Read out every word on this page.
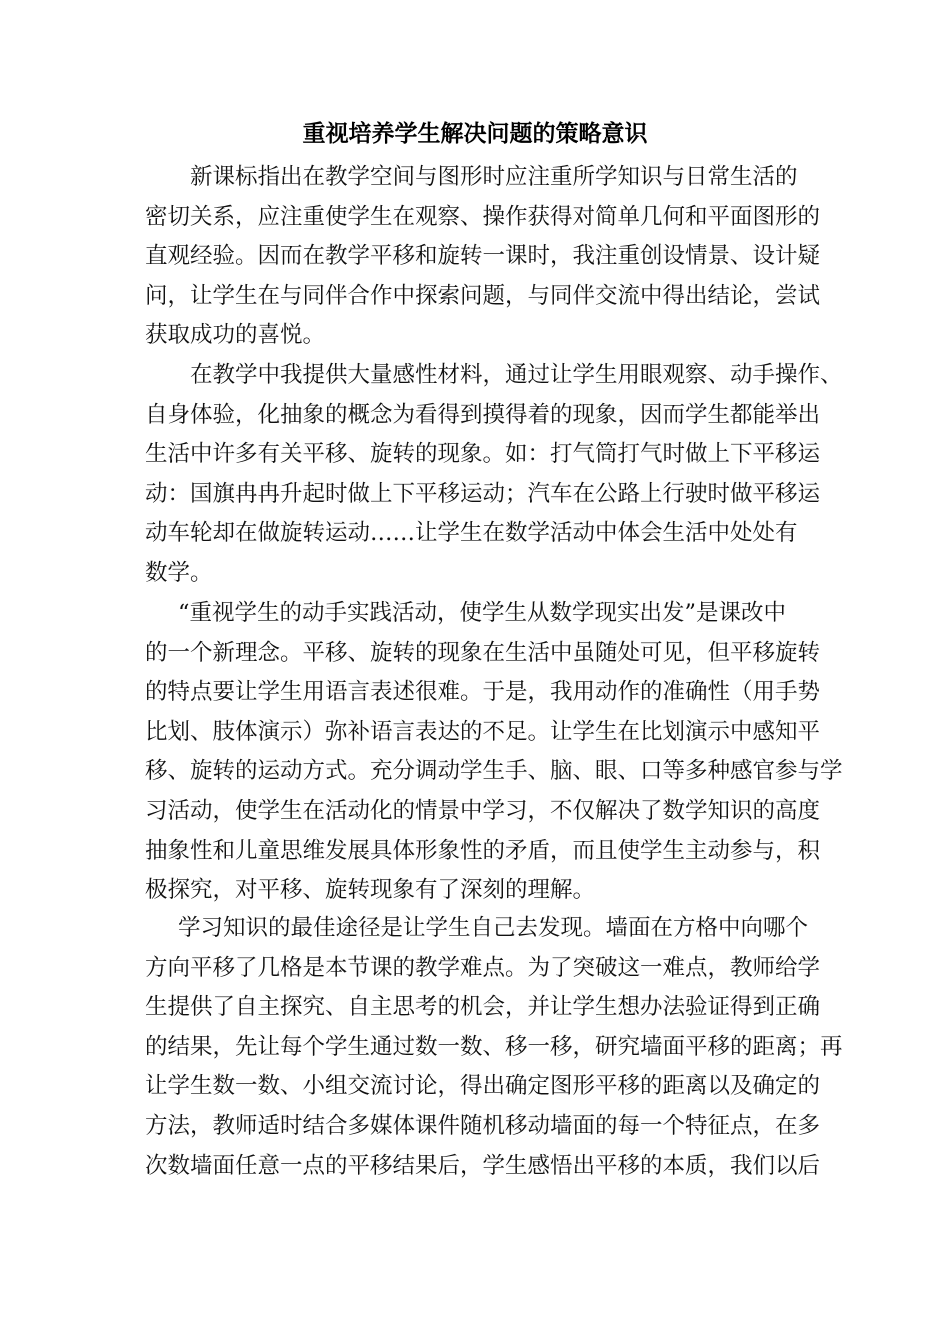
重视培养学生解决问题的策略意识
新课标指出在教学空间与图形时应注重所学知识与日常生活的
密切关系，应注重使学生在观察、操作获得对简单几何和平面图形的
直观经验。因而在教学平移和旋转一课时，我注重创设情景、设计疑
问，让学生在与同伴合作中探索问题，与同伴交流中得出结论，尝试
获取成功的喜悦。
在教学中我提供大量感性材料，通过让学生用眼观察、动手操作、
自身体验，化抽象的概念为看得到摸得着的现象，因而学生都能举出
生活中许多有关平移、旋转的现象。如：打气筒打气时做上下平移运
动：国旗冉冉升起时做上下平移运动；汽车在公路上行驶时做平移运
动车轮却在做旋转运动……让学生在数学活动中体会生活中处处有
数学。
“重视学生的动手实践活动，使学生从数学现实出发”是课改中
的一个新理念。平移、旋转的现象在生活中虽随处可见，但平移旋转
的特点要让学生用语言表述很难。于是，我用动作的准确性（用手势
比划、肢体演示）弥补语言表达的不足。让学生在比划演示中感知平
移、旋转的运动方式。充分调动学生手、脑、眼、口等多种感官参与学
习活动，使学生在活动化的情景中学习，不仅解决了数学知识的高度
抽象性和儿童思维发展具体形象性的矛盾，而且使学生主动参与，积
极探究，对平移、旋转现象有了深刻的理解。
学习知识的最佳途径是让学生自己去发现。墙面在方格中向哪个
方向平移了几格是本节课的教学难点。为了突破这一难点，教师给学
生提供了自主探究、自主思考的机会，并让学生想办法验证得到正确
的结果，先让每个学生通过数一数、移一移，研究墙面平移的距离；再
让学生数一数、小组交流讨论，得出确定图形平移的距离以及确定的
方法，教师适时结合多媒体课件随机移动墙面的每一个特征点，在多
次数墙面任意一点的平移结果后，学生感悟出平移的本质，我们以后
